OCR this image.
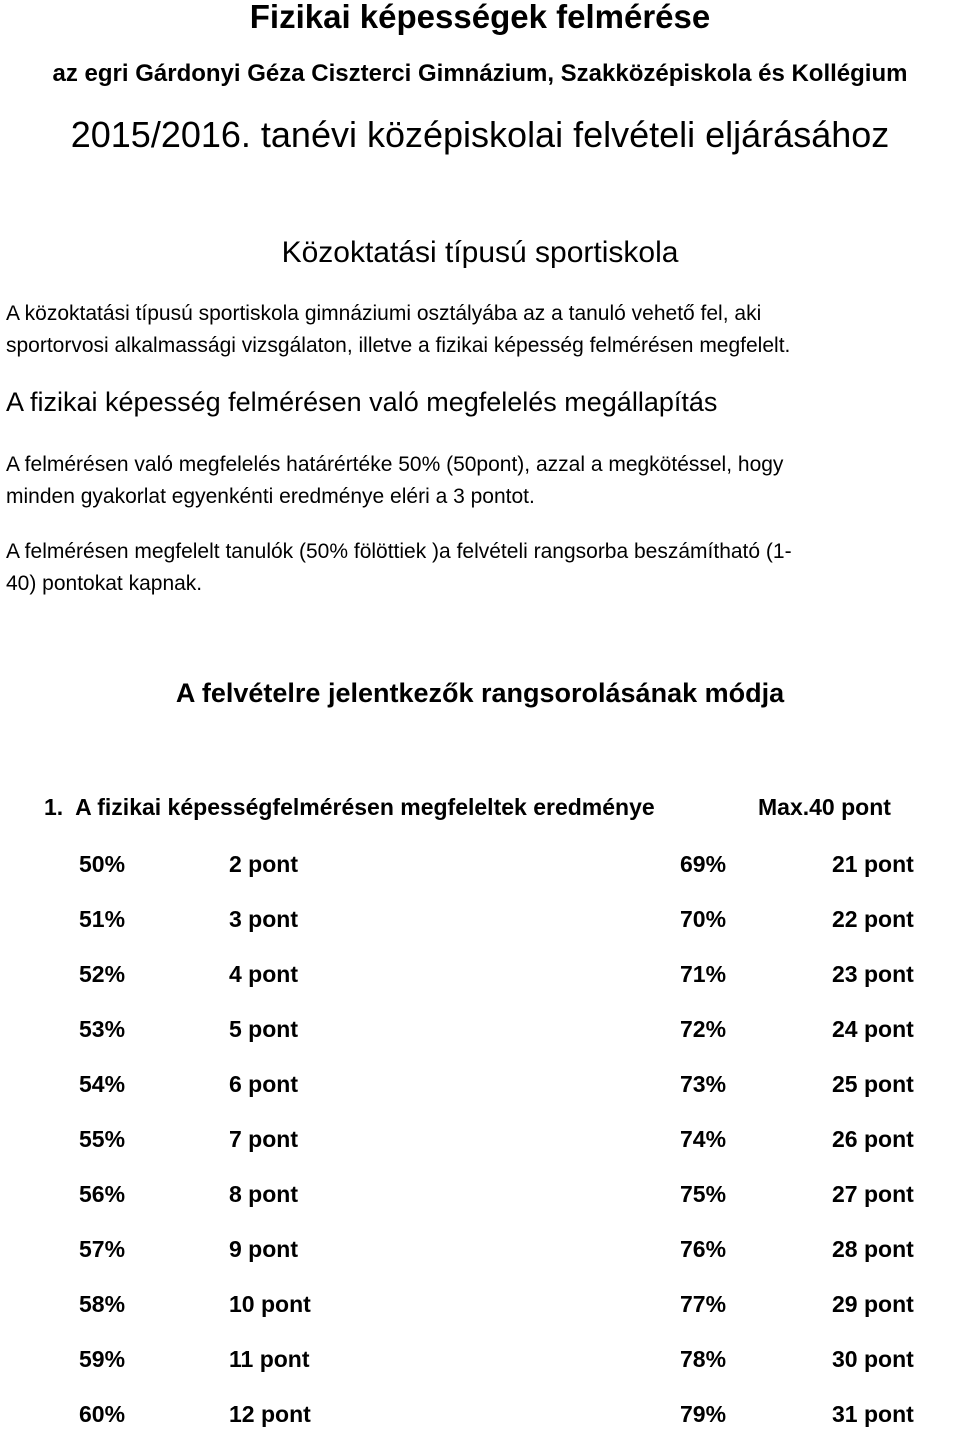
Fizikai képességek felmérése
az egri Gárdonyi Géza Ciszterci Gimnázium, Szakközépiskola és Kollégium
2015/2016. tanévi középiskolai felvételi eljárásához
Közoktatási típusú sportiskola
A közoktatási típusú sportiskola gimnáziumi osztályába az a tanuló vehető fel, aki
sportorvosi alkalmassági vizsgálaton, illetve a fizikai képesség felmérésen megfelelt.
A fizikai képesség felmérésen való megfelelés megállapítás
A felmérésen való megfelelés határértéke 50% (50pont), azzal a megkötéssel, hogy
minden gyakorlat egyenkénti eredménye eléri a 3 pontot.
A felmérésen megfelelt tanulók (50% fölöttiek )a felvételi rangsorba beszámítható (1-
40) pontokat kapnak.
A felvételre jelentkezők rangsorolásának módja
1.  A fizikai képességfelmérésen megfeleltek eredménye	Max.40 pont
50%	2 pont	69%	21 pont
51%	3 pont	70%	22 pont
52%	4 pont	71%	23 pont
53%	5 pont	72%	24 pont
54%	6 pont	73%	25 pont
55%	7 pont	74%	26 pont
56%	8 pont	75%	27 pont
57%	9 pont	76%	28 pont
58%	10 pont	77%	29 pont
59%	11 pont	78%	30 pont
60%	12 pont	79%	31 pont
